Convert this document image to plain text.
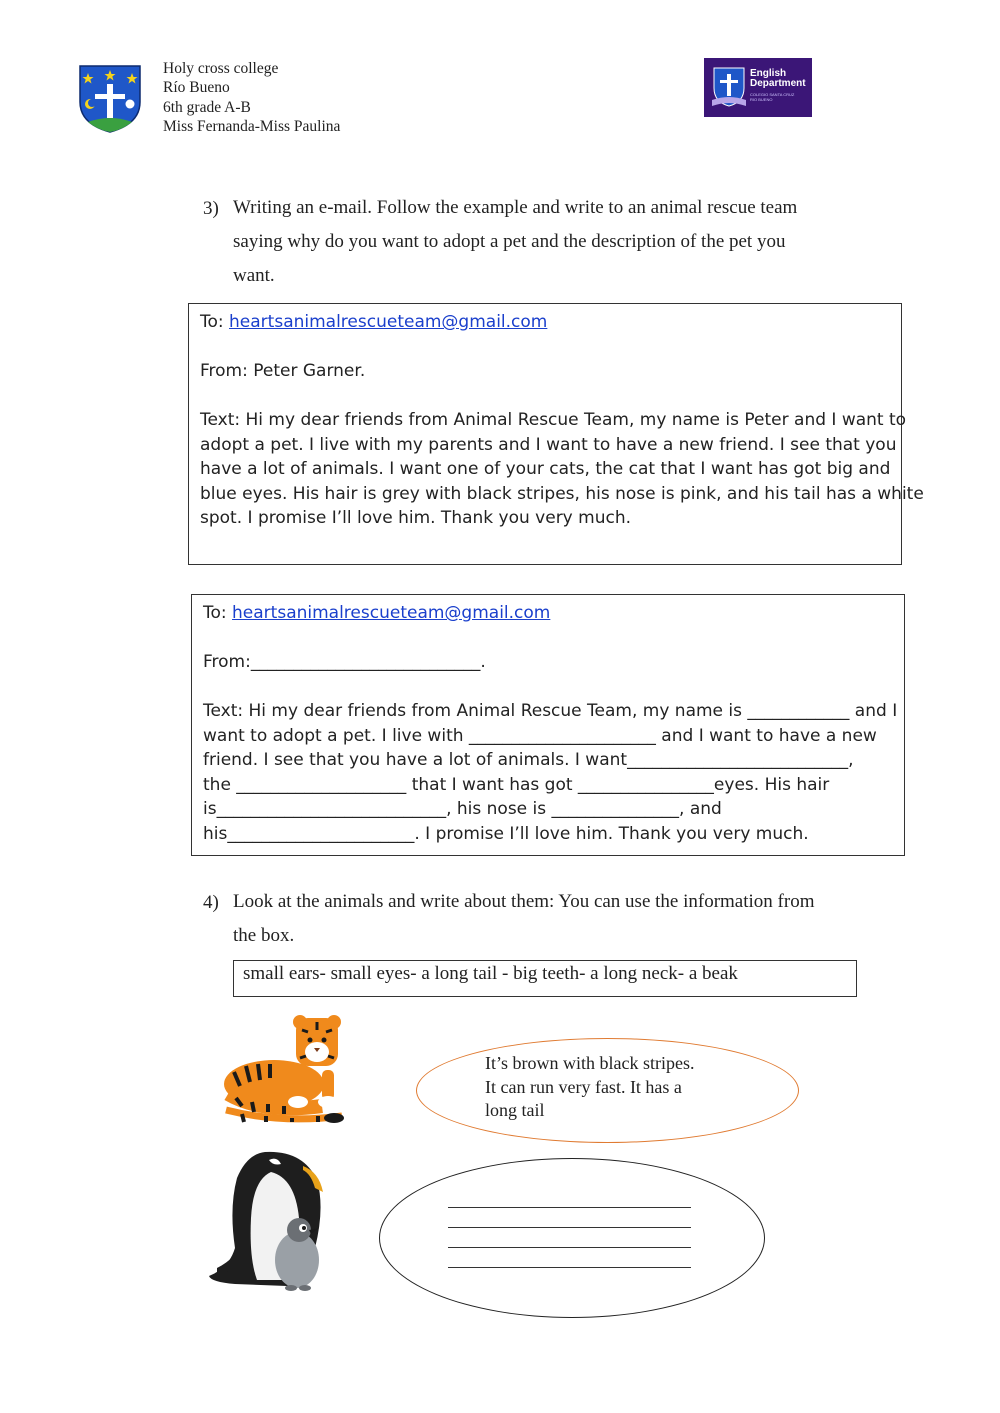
Holy cross college
Río Bueno
6th grade A-B
Miss Fernanda-Miss Paulina
English
Department
COLEGIO SANTA CRUZ
RIO BUENO
3) Writing an e-mail. Follow the example and write to an animal rescue team
saying why do you want to adopt a pet and the description of the pet you
want.
To: heartsanimalrescueteam@gmail.com
From: Peter Garner.
Text: Hi my dear friends from Animal Rescue Team, my name is Peter and I want to
adopt a pet. I live with my parents and I want to have a new friend. I see that you
have a lot of animals. I want one of your cats, the cat that I want has got big and
blue eyes. His hair is grey with black stripes, his nose is pink, and his tail has a white
spot. I promise I’ll love him. Thank you very much.
To: heartsanimalrescueteam@gmail.com
From:___________________________.
Text: Hi my dear friends from Animal Rescue Team, my name is ____________ and I
want to adopt a pet. I live with ______________________ and I want to have a new
friend. I see that you have a lot of animals. I want__________________________,
the ____________________ that I want has got ________________eyes. His hair
is___________________________, his nose is _______________, and
his______________________. I promise I’ll love him. Thank you very much.
4) Look at the animals and write about them: You can use the information from
the box.
small ears- small eyes- a long tail - big teeth- a long neck- a beak
It’s brown with black stripes.
It can run very fast. It has a
long tail
